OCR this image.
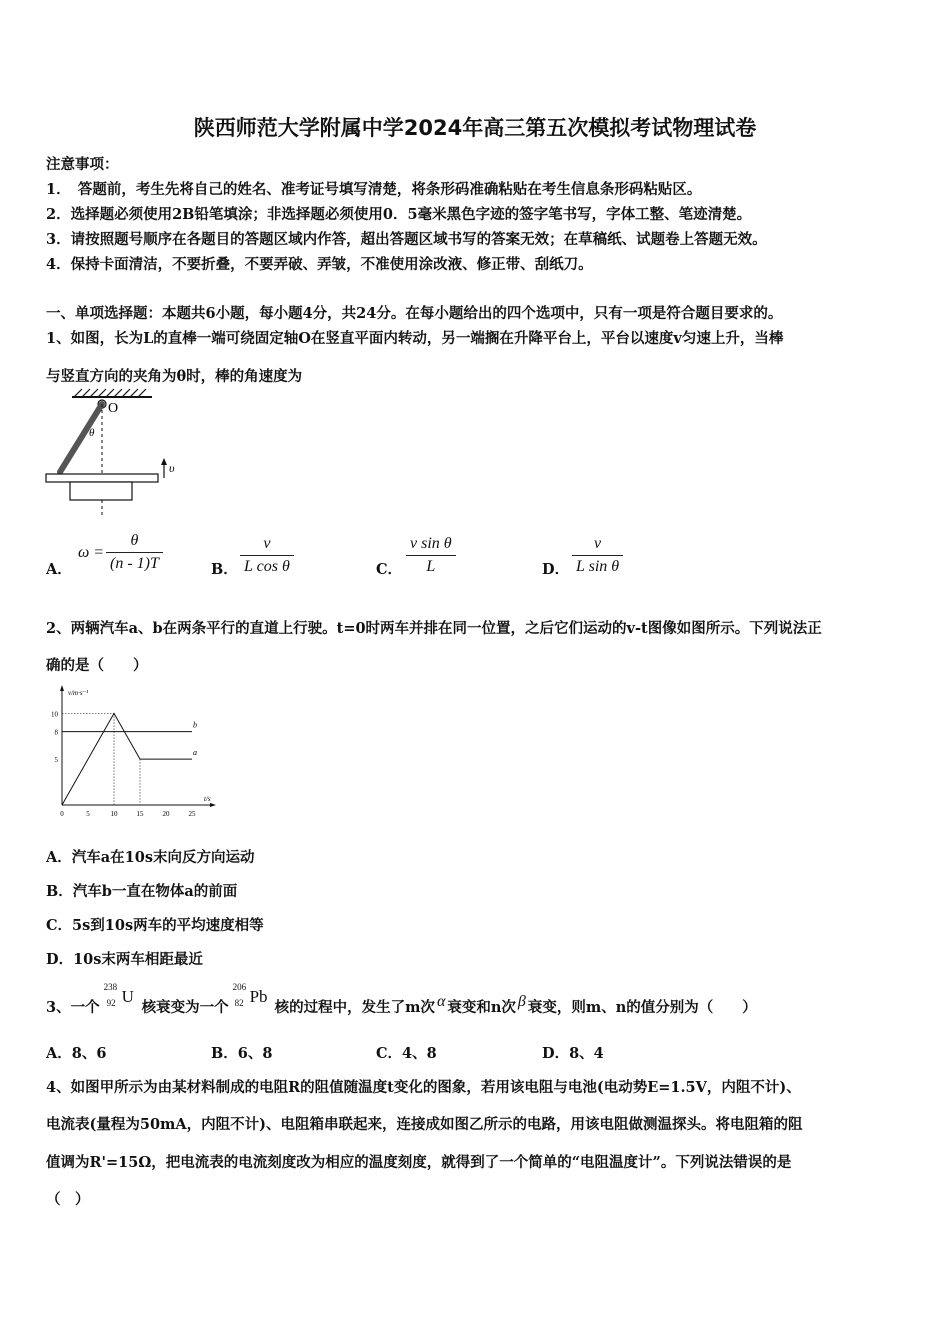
陕西师范大学附属中学2024年高三第五次模拟考试物理试卷
注意事项：
1．　答题前，考生先将自己的姓名、准考证号填写清楚，将条形码准确粘贴在考生信息条形码粘贴区。
2．选择题必须使用2B铅笔填涂；非选择题必须使用0．5毫米黑色字迹的签字笔书写，字体工整、笔迹清楚。
3．请按照题号顺序在各题目的答题区域内作答，超出答题区域书写的答案无效；在草稿纸、试题卷上答题无效。
4．保持卡面清洁，不要折叠，不要弄破、弄皱，不准使用涂改液、修正带、刮纸刀。
一、单项选择题：本题共6小题，每小题4分，共24分。在每小题给出的四个选项中，只有一项是符合题目要求的。
1、如图，长为L的直棒一端可绕固定轴O在竖直平面内转动，另一端搁在升降平台上，平台以速度v匀速上升，当棒
与竖直方向的夹角为θ时，棒的角速度为
O
θ
υ
A．
ω =
θ
(n - 1)T	B．
v
L cos θ	C．
v sin θ
L	D．
v
L sin θ
2、两辆汽车a、b在两条平行的直道上行驶。t=0时两车并排在同一位置，之后它们运动的v-t图像如图所示。下列说法正
确的是（　　）
v/m·s⁻¹
t/s
0	5	10	15	20	25
5
8
10
a
b
A．汽车a在10s末向反方向运动
B．汽车b一直在物体a的前面
C．5s到10s两车的平均速度相等
D．10s末两车相距最近
3、一个
238
92 U
核衰变为一个
206
82 Pb
核的过程中，发生了m次 α 衰变和n次 β 衰变，则m、n的值分别为（　　）
A．8、6	B．6、8	C．4、8	D．8、4
4、如图甲所示为由某材料制成的电阻R的阻值随温度t变化的图象，若用该电阻与电池(电动势E=1.5V，内阻不计)、
电流表(量程为50mA，内阻不计)、电阻箱串联起来，连接成如图乙所示的电路，用该电阻做测温探头。将电阻箱的阻
值调为R'=15Ω，把电流表的电流刻度改为相应的温度刻度，就得到了一个简单的“电阻温度计”。下列说法错误的是
（　）
